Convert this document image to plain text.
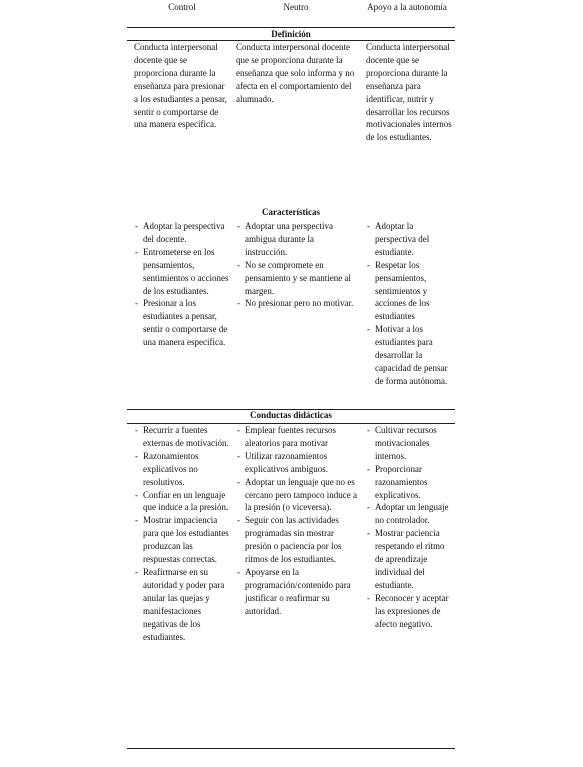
Control	Neutro	Apoyo a la autonomía
Definición
Conducta interpersonal docente que se proporciona durante la enseñanza para presionar a los estudiantes a pensar, sentir o comportarse de una manera específica.
Conducta interpersonal docente que se proporciona durante la enseñanza que solo informa y no afecta en el comportamiento del alumnado.
Conducta interpersonal docente que se proporciona durante la enseñanza para identificar, nutrir y desarrollar los recursos motivacionales internos de los estudiantes.
Características
- Adoptar la perspectiva del docente.
- Entrometerse en los pensamientos, sentimientos o acciones de los estudiantes.
- Presionar a los estudiantes a pensar, sentir o comportarse de una manera específica.
- Adoptar una perspectiva ambigua durante la instrucción.
- No se compromete en pensamiento y se mantiene al margen.
- No presionar pero no motivar.
- Adoptar la perspectiva del estudiante.
- Respetar los pensamientos, sentimientos y acciones de los estudiantes
- Motivar a los estudiantes para desarrollar la capacidad de pensar de forma autónoma.
Conductas didácticas
- Recurrir a fuentes externas de motivación.
- Razonamientos explicativos no resolutivos.
- Confiar en un lenguaje que induce a la presión.
- Mostrar impaciencia para que los estudiantes produzcan las respuestas correctas.
- Reafirmarse en su autoridad y poder para anular las quejas y manifestaciones negativas de los estudiantes.
- Emplear fuentes recursos aleatorios para motivar
- Utilizar razonamientos explicativos ambiguos.
- Adoptar un lenguaje que no es cercano pero tampoco induce a la presión (o viceversa).
- Seguir con las actividades programadas sin mostrar presión o paciencia por los ritmos de los estudiantes.
- Apoyarse en la programación/contenido para justificar o reafirmar su autoridad.
- Cultivar recursos motivacionales internos.
- Proporcionar razonamientos explicativos.
- Adoptar un lenguaje no controlador.
- Mostrar paciencia respetando el ritmo de aprendizaje individual del estudiante.
- Reconocer y aceptar las expresiones de afecto negativo.
